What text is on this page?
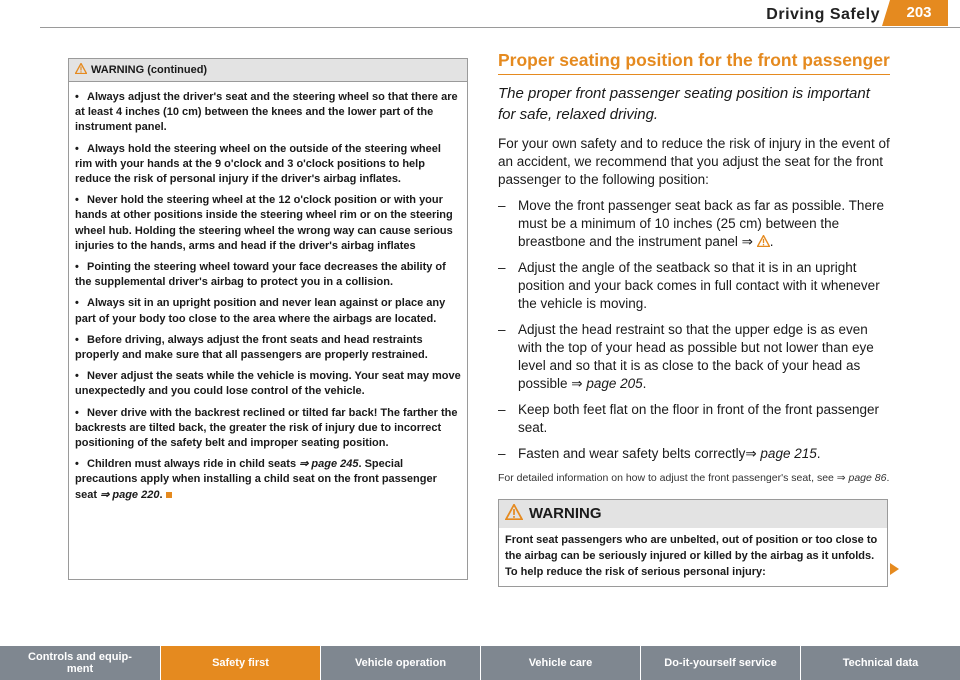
Driving Safely	203
WARNING (continued)

• Always adjust the driver's seat and the steering wheel so that there are at least 4 inches (10 cm) between the knees and the lower part of the instrument panel.

• Always hold the steering wheel on the outside of the steering wheel rim with your hands at the 9 o'clock and 3 o'clock positions to help reduce the risk of personal injury if the driver's airbag inflates.

• Never hold the steering wheel at the 12 o'clock position or with your hands at other positions inside the steering wheel rim or on the steering wheel hub. Holding the steering wheel the wrong way can cause serious injuries to the hands, arms and head if the driver's airbag inflates

• Pointing the steering wheel toward your face decreases the ability of the supplemental driver's airbag to protect you in a collision.

• Always sit in an upright position and never lean against or place any part of your body too close to the area where the airbags are located.

• Before driving, always adjust the front seats and head restraints properly and make sure that all passengers are properly restrained.

• Never adjust the seats while the vehicle is moving. Your seat may move unexpectedly and you could lose control of the vehicle.

• Never drive with the backrest reclined or tilted far back! The farther the backrests are tilted back, the greater the risk of injury due to incorrect positioning of the safety belt and improper seating position.

• Children must always ride in child seats ⇒ page 245. Special precautions apply when installing a child seat on the front passenger seat ⇒ page 220.

Proper seating position for the front passenger

The proper front passenger seating position is important for safe, relaxed driving.

For your own safety and to reduce the risk of injury in the event of an accident, we recommend that you adjust the seat for the front passenger to the following position:

– Move the front passenger seat back as far as possible. There must be a minimum of 10 inches (25 cm) between the breastbone and the instrument panel ⇒ .

– Adjust the angle of the seatback so that it is in an upright position and your back comes in full contact with it whenever the vehicle is moving.

– Adjust the head restraint so that the upper edge is as even with the top of your head as possible but not lower than eye level and so that it is as close to the back of your head as possible ⇒ page 205.

– Keep both feet flat on the floor in front of the front passenger seat.

– Fasten and wear safety belts correctly⇒ page 215.

For detailed information on how to adjust the front passenger's seat, see ⇒ page 86.

WARNING
Front seat passengers who are unbelted, out of position or too close to the airbag can be seriously injured or killed by the airbag as it unfolds. To help reduce the risk of serious personal injury:
Controls and equip-
ment	Safety first	Vehicle operation	Vehicle care	Do-it-yourself service	Technical data
